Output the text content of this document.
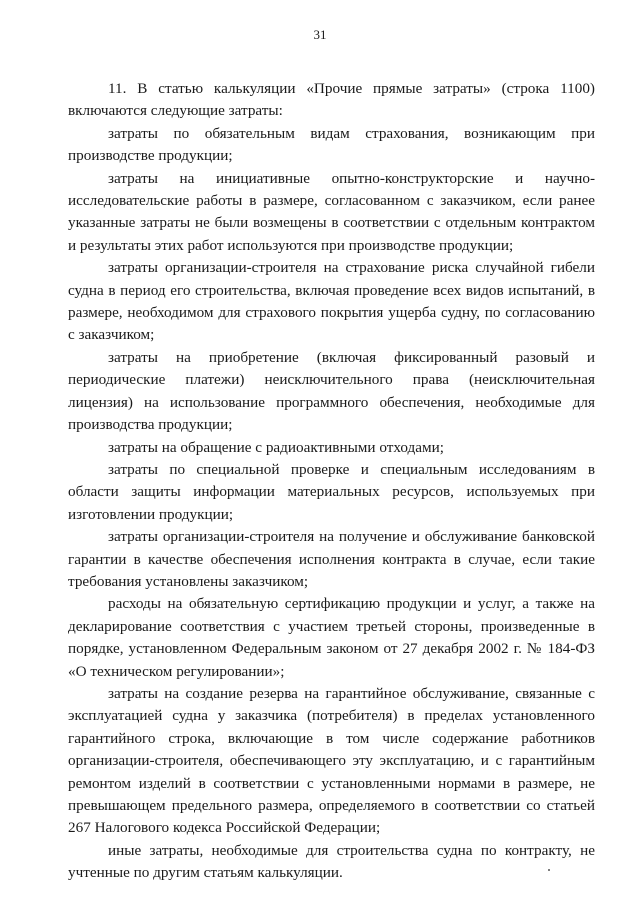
31

11. В статью калькуляции «Прочие прямые затраты» (строка 1100) включаются следующие затраты:

затраты по обязательным видам страхования, возникающим при производстве продукции;

затраты на инициативные опытно-конструкторские и научно-исследовательские работы в размере, согласованном с заказчиком, если ранее указанные затраты не были возмещены в соответствии с отдельным контрактом и результаты этих работ используются при производстве продукции;

затраты организации-строителя на страхование риска случайной гибели судна в период его строительства, включая проведение всех видов испытаний, в размере, необходимом для страхового покрытия ущерба судну, по согласованию с заказчиком;

затраты на приобретение (включая фиксированный разовый и периодические платежи) неисключительного права (неисключительная лицензия) на использование программного обеспечения, необходимые для производства продукции;

затраты на обращение с радиоактивными отходами;

затраты по специальной проверке и специальным исследованиям в области защиты информации материальных ресурсов, используемых при изготовлении продукции;

затраты организации-строителя на получение и обслуживание банковской гарантии в качестве обеспечения исполнения контракта в случае, если такие требования установлены заказчиком;

расходы на обязательную сертификацию продукции и услуг, а также на декларирование соответствия с участием третьей стороны, произведенные в порядке, установленном Федеральным законом от 27 декабря 2002 г. № 184-ФЗ «О техническом регулировании»;

затраты на создание резерва на гарантийное обслуживание, связанные с эксплуатацией судна у заказчика (потребителя) в пределах установленного гарантийного строка, включающие в том числе содержание работников организации-строителя, обеспечивающего эту эксплуатацию, и с гарантийным ремонтом изделий в соответствии с установленными нормами в размере, не превышающем предельного размера, определяемого в соответствии со статьей 267 Налогового кодекса Российской Федерации;

иные затраты, необходимые для строительства судна по контракту, не учтенные по другим статьям калькуляции.
